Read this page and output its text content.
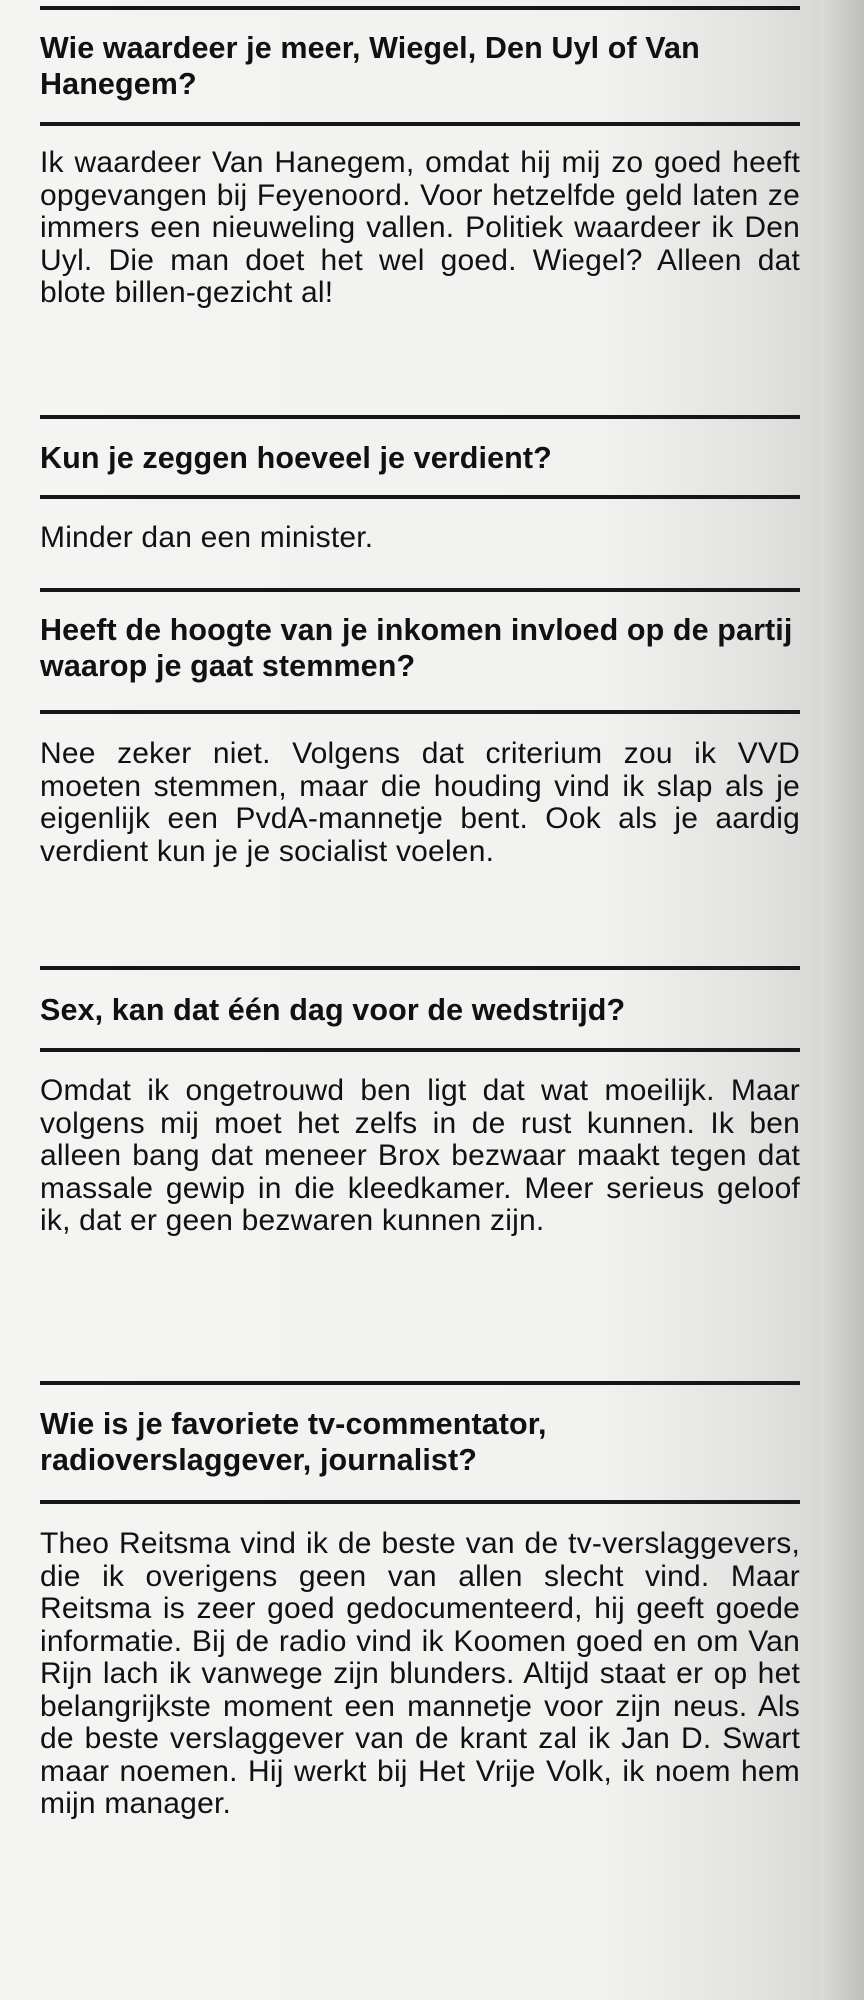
Wie waardeer je meer, Wiegel, Den Uyl of Van Hanegem?

Ik waardeer Van Hanegem, omdat hij mij zo goed heeft opgevangen bij Feyenoord. Voor hetzelfde geld laten ze immers een nieuweling vallen. Politiek waardeer ik Den Uyl. Die man doet het wel goed. Wiegel? Alleen dat blote billen-gezicht al!

Kun je zeggen hoeveel je verdient?

Minder dan een minister.

Heeft de hoogte van je inkomen invloed op de partij waarop je gaat stemmen?

Nee zeker niet. Volgens dat criterium zou ik VVD moeten stemmen, maar die houding vind ik slap als je eigenlijk een PvdA-mannetje bent. Ook als je aardig verdient kun je je socialist voelen.

Sex, kan dat één dag voor de wedstrijd?

Omdat ik ongetrouwd ben ligt dat wat moeilijk. Maar volgens mij moet het zelfs in de rust kunnen. Ik ben alleen bang dat meneer Brox bezwaar maakt tegen dat massale gewip in die kleedkamer. Meer serieus geloof ik, dat er geen bezwaren kunnen zijn.

Wie is je favoriete tv-commentator, radioverslaggever, journalist?

Theo Reitsma vind ik de beste van de tv-verslaggevers, die ik overigens geen van allen slecht vind. Maar Reitsma is zeer goed gedocumenteerd, hij geeft goede informatie. Bij de radio vind ik Koomen goed en om Van Rijn lach ik vanwege zijn blunders. Altijd staat er op het belangrijkste moment een mannetje voor zijn neus. Als de beste verslaggever van de krant zal ik Jan D. Swart maar noemen. Hij werkt bij Het Vrije Volk, ik noem hem mijn manager.
